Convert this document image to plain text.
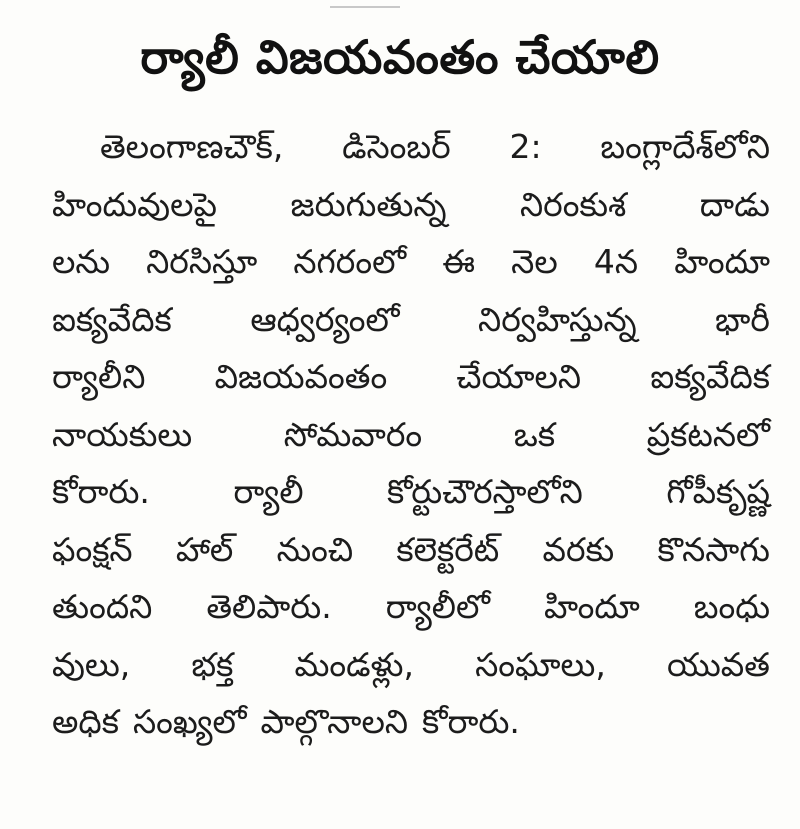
ర్యాలీ విజయవంతం చేయాలి
తెలంగాణచౌక్, డిసెంబర్ 2: బంగ్లాదేశ్‌లోని
హిందువులపై జరుగుతున్న నిరంకుశ దాడు
లను నిరసిస్తూ నగరంలో ఈ నెల 4న హిందూ
ఐక్యవేదిక ఆధ్వర్యంలో నిర్వహిస్తున్న భారీ
ర్యాలీని విజయవంతం చేయాలని ఐక్యవేదిక
నాయకులు	సోమవారం	ఒక	ప్రకటనలో
కోరారు.	ర్యాలీ	కోర్టుచౌరస్తాలోని	గోపీకృష్ణ
ఫంక్షన్ హాల్ నుంచి కలెక్టరేట్ వరకు కొనసాగు
తుందని తెలిపారు. ర్యాలీలో హిందూ బంధు
వులు, భక్త మండళ్లు, సంఘాలు, యువత
అధిక సంఖ్యలో పాల్గొనాలని కోరారు.
